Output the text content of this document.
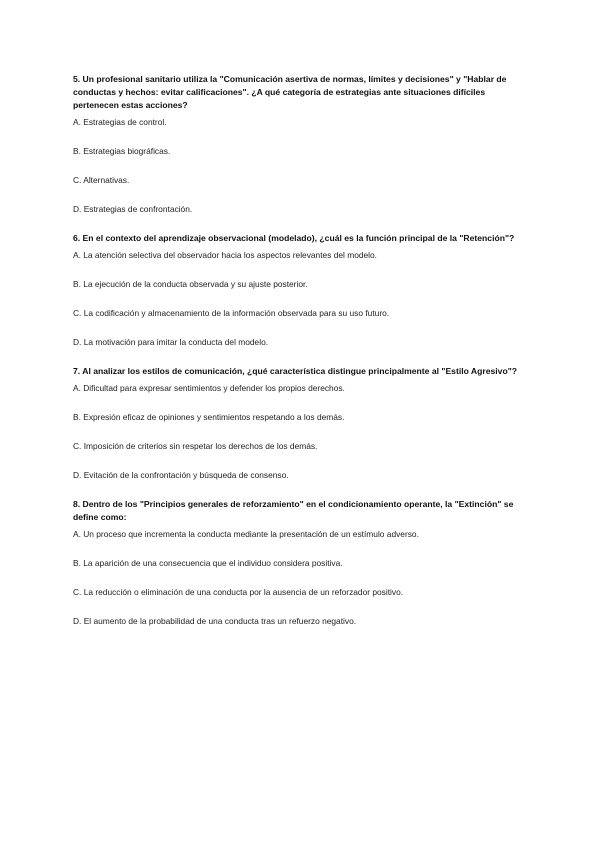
5. Un profesional sanitario utiliza la "Comunicación asertiva de normas, límites y decisiones" y "Hablar de conductas y hechos: evitar calificaciones". ¿A qué categoría de estrategias ante situaciones difíciles pertenecen estas acciones?

A. Estrategias de control.

B. Estrategias biográficas.

C. Alternativas.

D. Estrategias de confrontación.

6. En el contexto del aprendizaje observacional (modelado), ¿cuál es la función principal de la "Retención"?

A. La atención selectiva del observador hacia los aspectos relevantes del modelo.

B. La ejecución de la conducta observada y su ajuste posterior.

C. La codificación y almacenamiento de la información observada para su uso futuro.

D. La motivación para imitar la conducta del modelo.

7. Al analizar los estilos de comunicación, ¿qué característica distingue principalmente al "Estilo Agresivo"?

A. Dificultad para expresar sentimientos y defender los propios derechos.

B. Expresión eficaz de opiniones y sentimientos respetando a los demás.

C. Imposición de criterios sin respetar los derechos de los demás.

D. Evitación de la confrontación y búsqueda de consenso.

8. Dentro de los "Principios generales de reforzamiento" en el condicionamiento operante, la "Extinción" se define como:

A. Un proceso que incrementa la conducta mediante la presentación de un estímulo adverso.

B. La aparición de una consecuencia que el individuo considera positiva.

C. La reducción o eliminación de una conducta por la ausencia de un reforzador positivo.

D. El aumento de la probabilidad de una conducta tras un refuerzo negativo.
